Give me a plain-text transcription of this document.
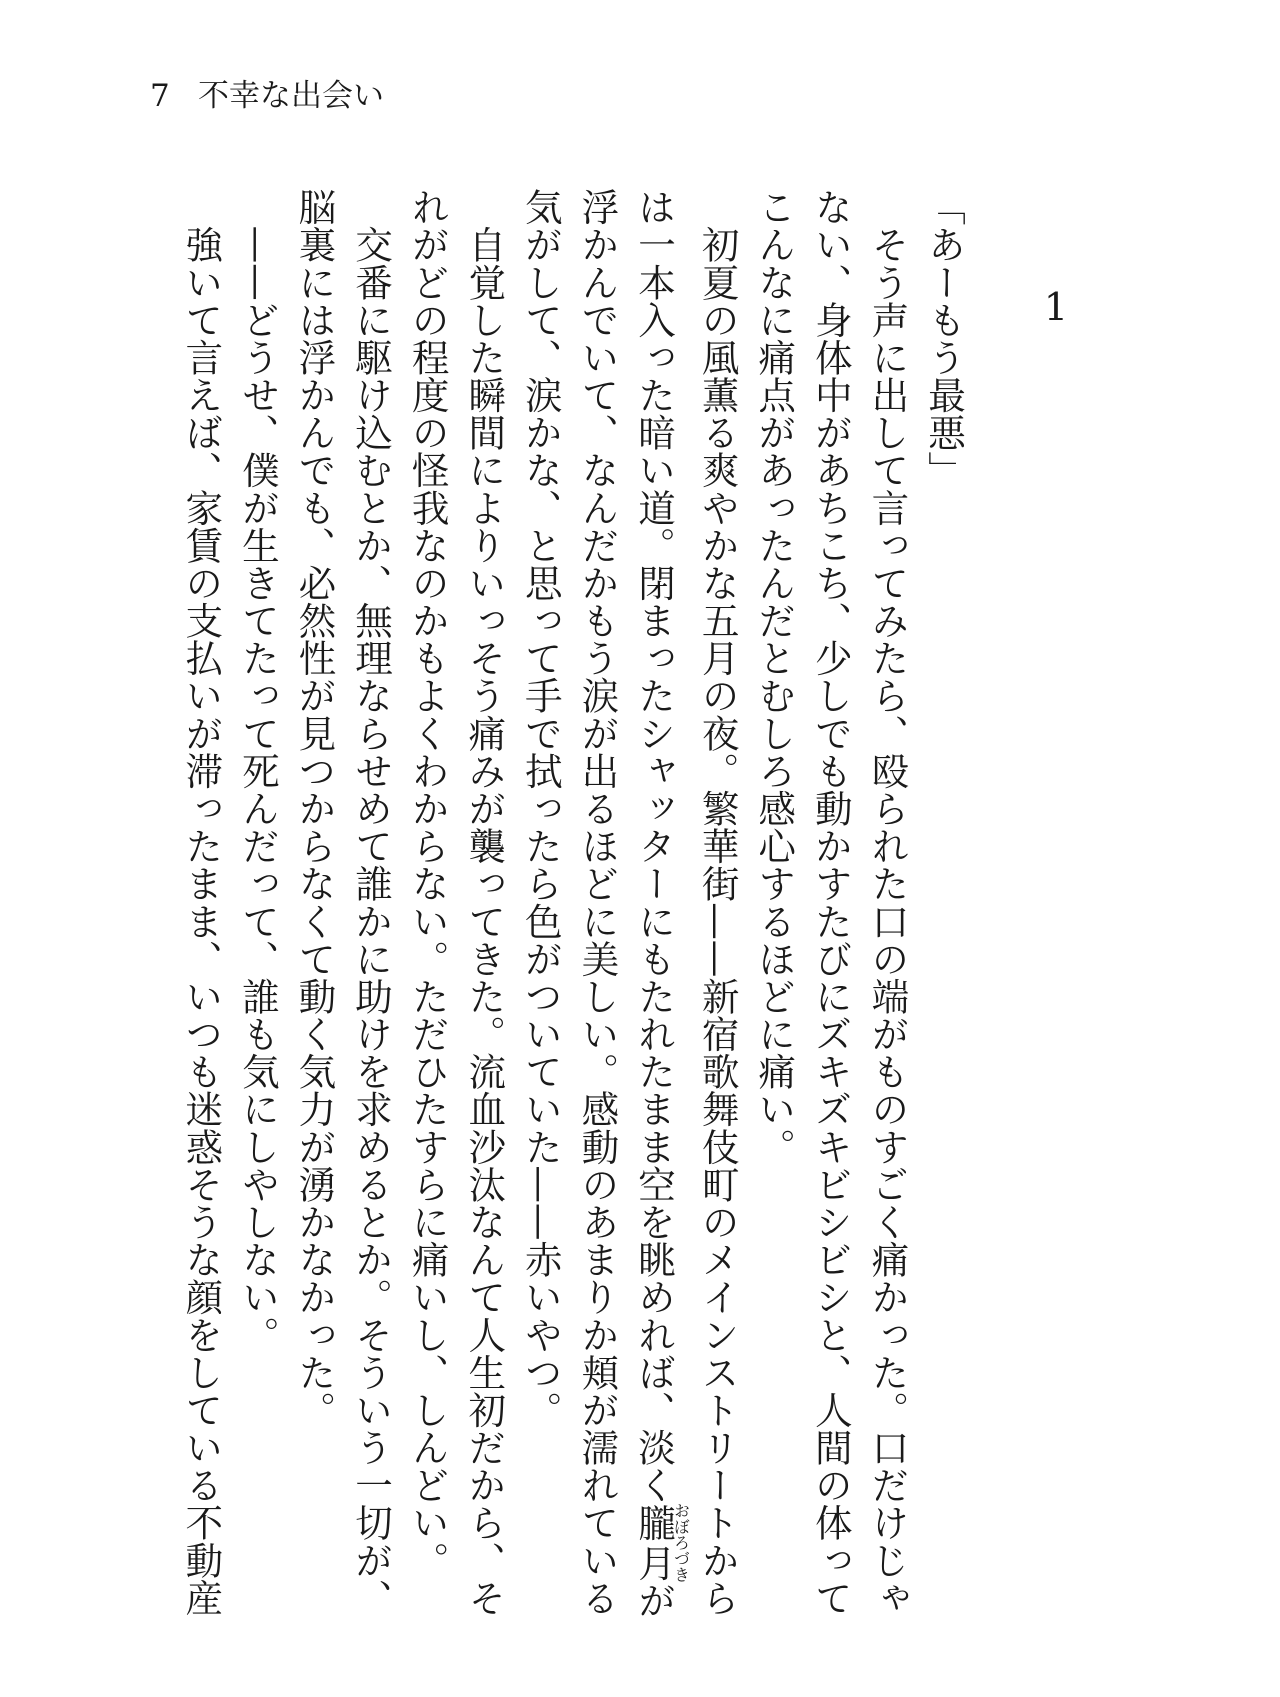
7 不幸な出会い
1
「あーもう最悪」
　そう声に出して言ってみたら、殴られた口の端がものすごく痛かった。口だけじゃ
ない、身体中があちこち、少しでも動かすたびにズキズキビシビシと、人間の体って
こんなに痛点があったんだとむしろ感心するほどに痛い。
　初夏の風薫る爽やかな五月の夜。繁華街——新宿歌舞伎町のメインストリートから
は一本入った暗い道。閉まったシャッターにもたれたまま空を眺めれば、淡く朧月おぼろづきが
浮かんでいて、なんだかもう涙が出るほどに美しい。感動のあまりか頬が濡れている
気がして、涙かな、と思って手で拭ったら色がついていた——赤いやつ。
　自覚した瞬間によりいっそう痛みが襲ってきた。流血沙汰なんて人生初だから、そ
れがどの程度の怪我なのかもよくわからない。ただひたすらに痛いし、しんどい。
　交番に駆け込むとか、無理ならせめて誰かに助けを求めるとか。そういう一切が、
脳裏には浮かんでも、必然性が見つからなくて動く気力が湧かなかった。
　——どうせ、僕が生きてたって死んだって、誰も気にしやしない。
　強いて言えば、家賃の支払いが滞ったまま、いつも迷惑そうな顔をしている不動産
